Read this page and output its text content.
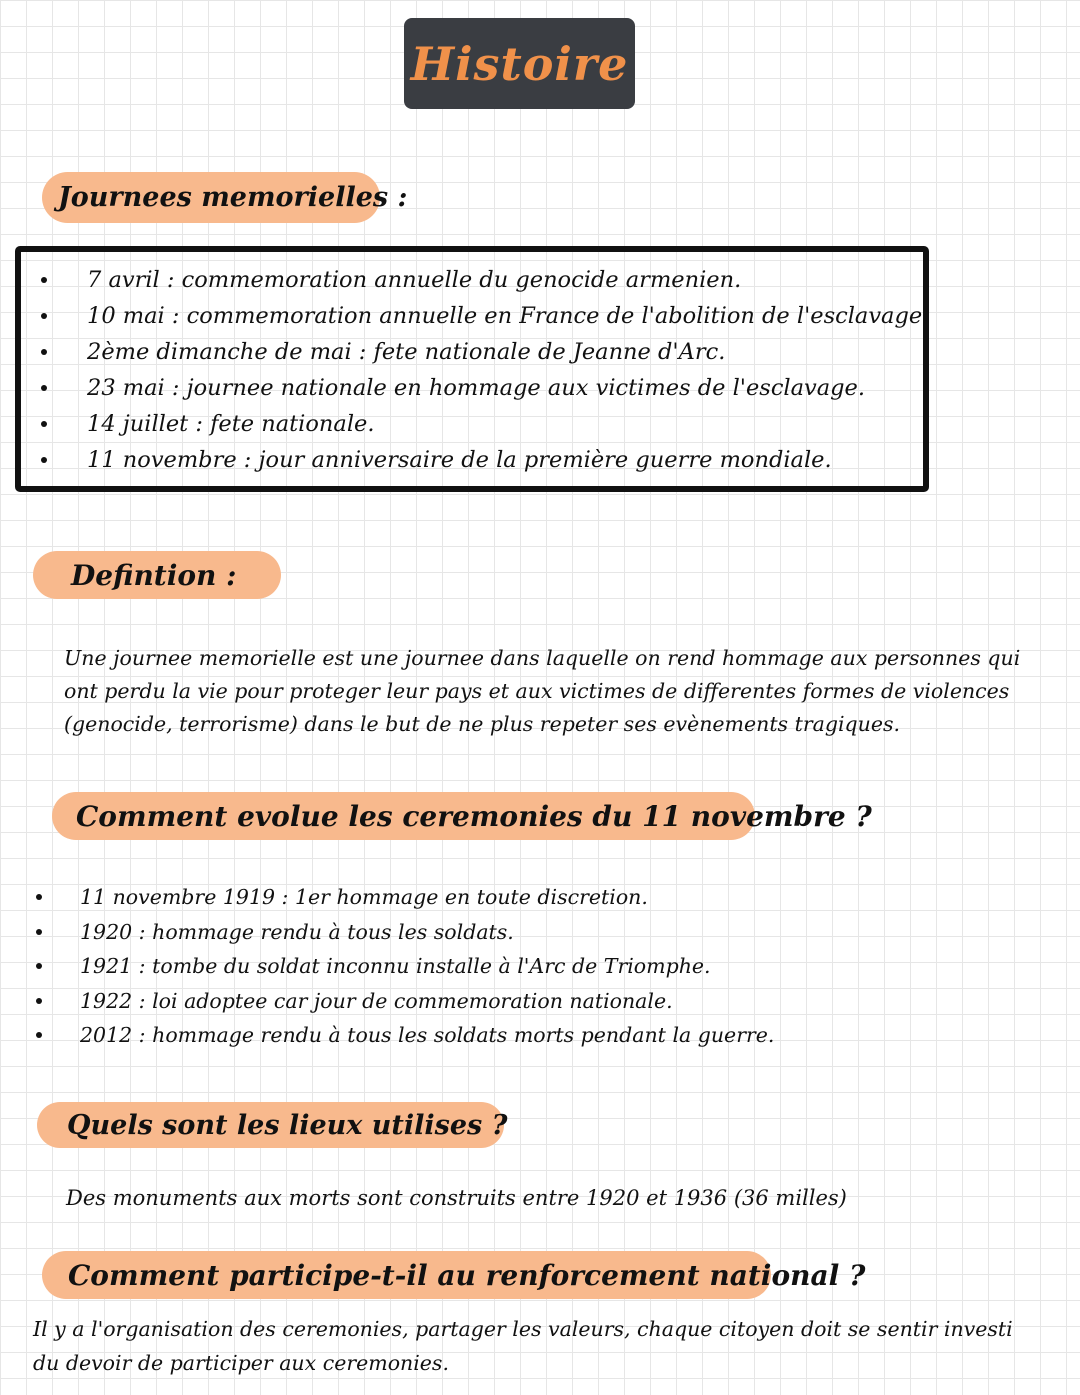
Histoire
Journees memorielles :
7 avril : commemoration annuelle du genocide armenien.
10 mai : commemoration annuelle en France de l'abolition de l'esclavage.
2ème dimanche de mai : fete nationale de Jeanne d'Arc.
23 mai : journee nationale en hommage aux victimes de l'esclavage.
14 juillet : fete nationale.
11 novembre : jour anniversaire de la première guerre mondiale.
Defintion :
Une journee memorielle est une journee dans laquelle on rend hommage aux personnes qui
ont perdu la vie pour proteger leur pays et aux victimes de differentes formes de violences
(genocide, terrorisme) dans le but de ne plus repeter ses evènements tragiques.
Comment evolue les ceremonies du 11 novembre ?
11 novembre 1919 : 1er hommage en toute discretion.
1920 : hommage rendu à tous les soldats.
1921 : tombe du soldat inconnu installe à l'Arc de Triomphe.
1922 : loi adoptee car jour de commemoration nationale.
2012 : hommage rendu à tous les soldats morts pendant la guerre.
Quels sont les lieux utilises ?
Des monuments aux morts sont construits entre 1920 et 1936 (36 milles)
Comment participe-t-il au renforcement national ?
Il y a l'organisation des ceremonies, partager les valeurs, chaque citoyen doit se sentir investi
du devoir de participer aux ceremonies.
